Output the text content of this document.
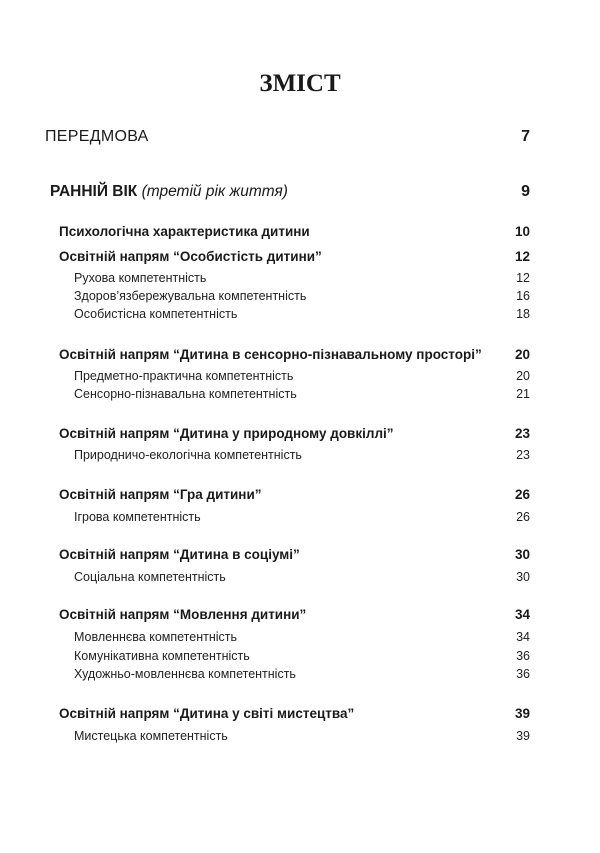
ЗМІСТ
ПЕРЕДМОВА	7
РАННІЙ ВІК (третій рік життя)	9
Психологічна характеристика дитини	10
Освітній напрям “Особистість дитини”	12
Рухова компетентність	12
Здоров’язбережувальна компетентність	16
Особистісна компетентність	18
Освітній напрям “Дитина в сенсорно-пізнавальному просторі” 20
Предметно-практична компетентність	20
Сенсорно-пізнавальна компетентність	21
Освітній напрям “Дитина у природному довкіллі”	23
Природничо-екологічна компетентність	23
Освітній напрям “Гра дитини”	26
Ігрова компетентність	26
Освітній напрям “Дитина в соціумі”	30
Соціальна компетентність	30
Освітній напрям “Мовлення дитини”	34
Мовленнєва компетентність	34
Комунікативна компетентність	36
Художньо-мовленнєва компетентність	36
Освітній напрям “Дитина у світі мистецтва”	39
Мистецька компетентність	39
